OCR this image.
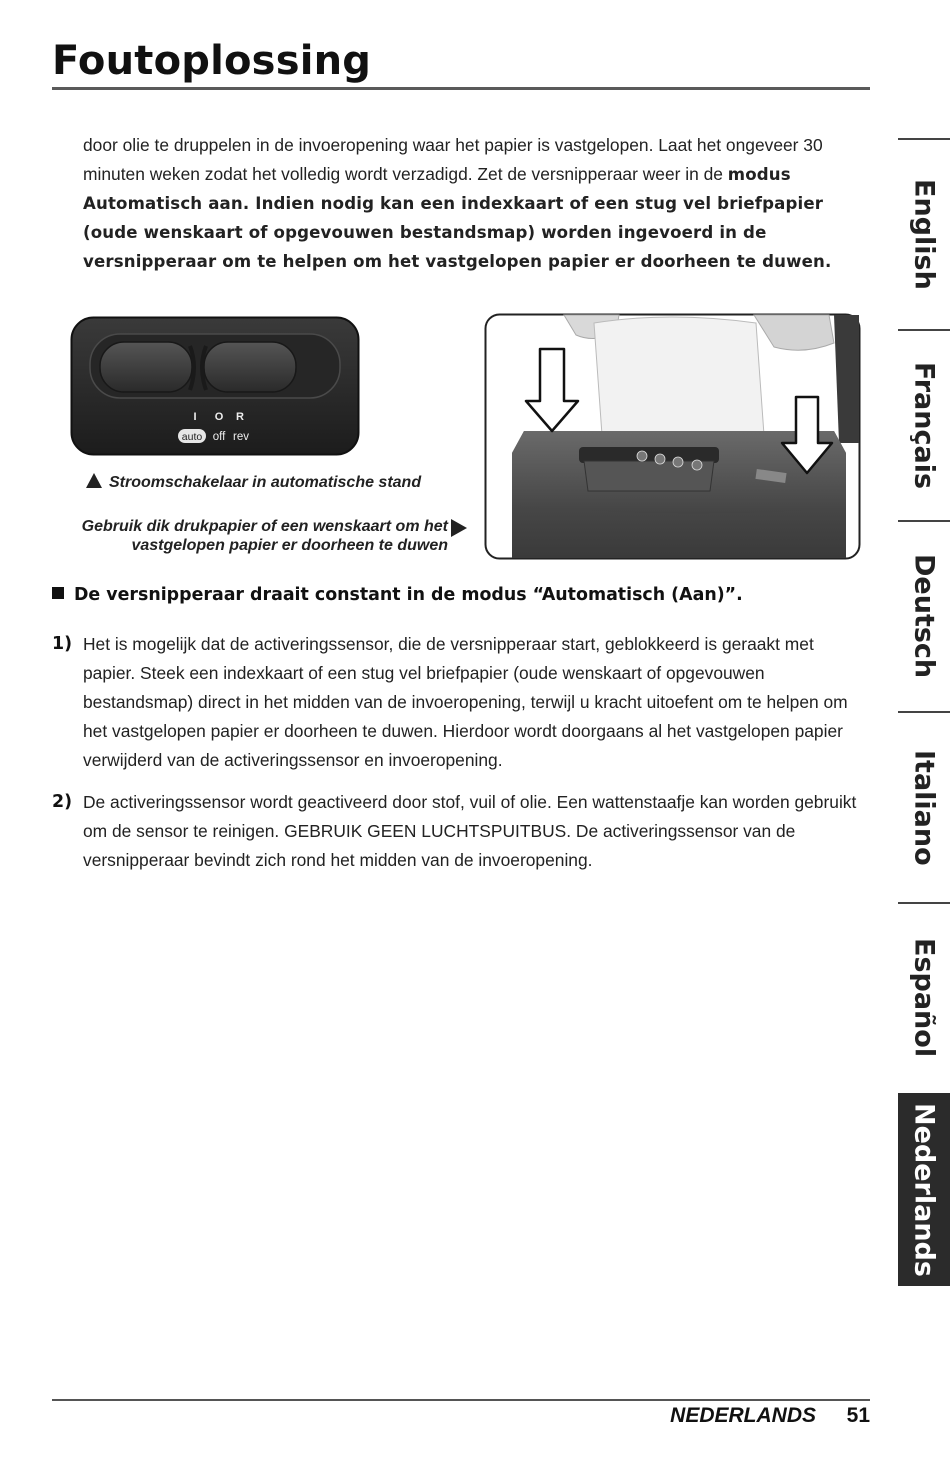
Foutoplossing

door olie te druppelen in de invoeropening waar het papier is vastgelopen. Laat het ongeveer 30 minuten weken zodat het volledig wordt verzadigd. Zet de versnipperaar weer in de modus Automatisch aan. Indien nodig kan een indexkaart of een stug vel briefpapier (oude wenskaart of opgevouwen bestandsmap) worden ingevoerd in de versnipperaar om te helpen om het vastgelopen papier er doorheen te duwen.

I O R
auto off rev
Stroomschakelaar in automatische stand
Gebruik dik drukpapier of een wenskaart om het vastgelopen papier er doorheen te duwen
De versnipperaar draait constant in de modus “Automatisch (Aan)”.
1) Het is mogelijk dat de activeringssensor, die de versnipperaar start, geblokkeerd is geraakt met papier. Steek een indexkaart of een stug vel briefpapier (oude wenskaart of opgevouwen bestandsmap) direct in het midden van de invoeropening, terwijl u kracht uitoefent om te helpen om het vastgelopen papier er doorheen te duwen. Hierdoor wordt doorgaans al het vastgelopen papier verwijderd van de activeringssensor en invoeropening.

2) De activeringssensor wordt geactiveerd door stof, vuil of olie. Een wattenstaafje kan worden gebruikt om de sensor te reinigen. GEBRUIK GEEN LUCHTSPUITBUS. De activeringssensor van de versnipperaar bevindt zich rond het midden van de invoeropening.

English
Français
Deutsch
Italiano
Español
Nederlands
NEDERLANDS	51
